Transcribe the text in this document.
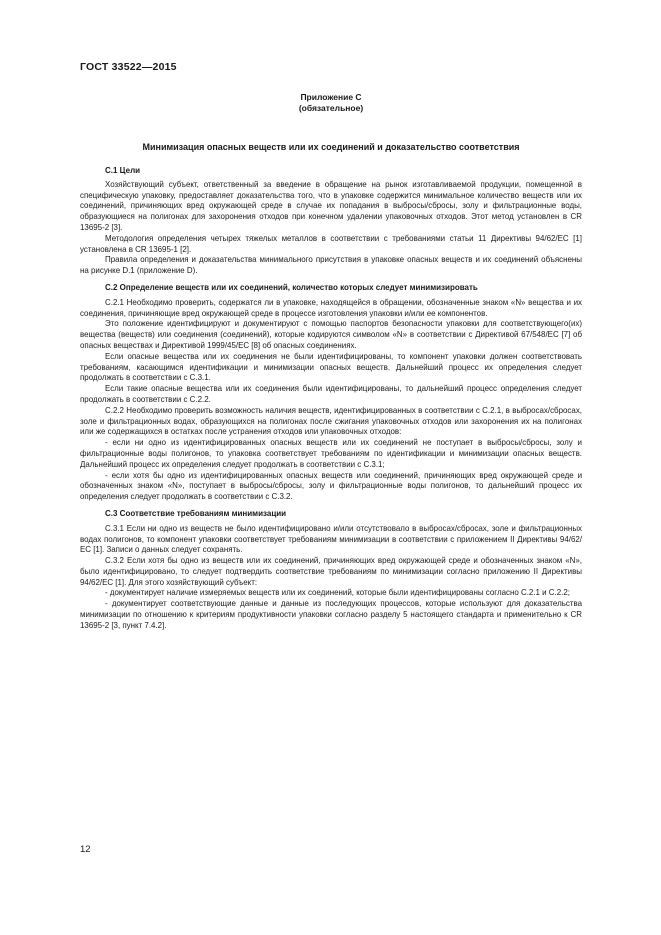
ГОСТ 33522—2015
Приложение С
(обязательное)
Минимизация опасных веществ или их соединений и доказательство соответствия
С.1 Цели

Хозяйствующий субъект, ответственный за введение в обращение на рынок изготавливаемой продукции, помещенной в специфическую упаковку, предоставляет доказательства того, что в упаковке содержится минимальное количество веществ или их соединений, причиняющих вред окружающей среде в случае их попадания в выбросы/сбросы, золу и фильтрационные воды, образующиеся на полигонах для захоронения отходов при конечном удалении упаковочных отходов. Этот метод установлен в CR 13695-2 [3].

Методология определения четырех тяжелых металлов в соответствии с требованиями статьи 11 Директивы 94/62/ЕС [1] установлена в CR 13695-1 [2].

Правила определения и доказательства минимального присутствия в упаковке опасных веществ и их соединений объяснены на рисунке D.1 (приложение D).

С.2 Определение веществ или их соединений, количество которых следует минимизировать

С.2.1 Необходимо проверить, содержатся ли в упаковке, находящейся в обращении, обозначенные знаком «N» вещества и их соединения, причиняющие вред окружающей среде в процессе изготовления упаковки и/или ее компонентов.

Это положение идентифицируют и документируют с помощью паспортов безопасности упаковки для соответствующего(их) вещества (веществ) или соединения (соединений), которые кодируются символом «N» в соответствии с Директивой 67/548/ЕС [7] об опасных веществах и Директивой 1999/45/ЕС [8] об опасных соединениях.

Если опасные вещества или их соединения не были идентифицированы, то компонент упаковки должен соответствовать требованиям, касающимся идентификации и минимизации опасных веществ. Дальнейший процесс их определения следует продолжать в соответствии с С.3.1.

Если такие опасные вещества или их соединения были идентифицированы, то дальнейший процесс определения следует продолжать в соответствии с С.2.2.

С.2.2 Необходимо проверить возможность наличия веществ, идентифицированных в соответствии с С.2.1, в выбросах/сбросах, золе и фильтрационных водах, образующихся на полигонах после сжигания упаковочных отходов или захоронения их на полигонах или же содержащихся в остатках после устранения отходов или упаковочных отходов:

- если ни одно из идентифицированных опасных веществ или их соединений не поступает в выбросы/сбросы, золу и фильтрационные воды полигонов, то упаковка соответствует требованиям по идентификации и минимизации опасных веществ. Дальнейший процесс их определения следует продолжать в соответствии с С.3.1;

- если хотя бы одно из идентифицированных опасных веществ или соединений, причиняющих вред окружающей среде и обозначенных знаком «N», поступает в выбросы/сбросы, золу и фильтрационные воды полигонов, то дальнейший процесс их определения следует продолжать в соответствии с С.3.2.

С.3 Соответствие требованиям минимизации

С.3.1 Если ни одно из веществ не было идентифицировано и/или отсутствовало в выбросах/сбросах, золе и фильтрационных водах полигонов, то компонент упаковки соответствует требованиям минимизации в соответствии с приложением II Директивы 94/62/ЕС [1]. Записи о данных следует сохранять.

С.3.2 Если хотя бы одно из веществ или их соединений, причиняющих вред окружающей среде и обозначенных знаком «N», было идентифицировано, то следует подтвердить соответствие требованиям по минимизации согласно приложению II Директивы 94/62/ЕС [1]. Для этого хозяйствующий субъект:

- документирует наличие измеряемых веществ или их соединений, которые были идентифицированы согласно С.2.1 и С.2.2;

- документирует соответствующие данные и данные из последующих процессов, которые используют для доказательства минимизации по отношению к критериям продуктивности упаковки согласно разделу 5 настоящего стандарта и применительно к CR 13695-2 [3, пункт 7.4.2].

12
